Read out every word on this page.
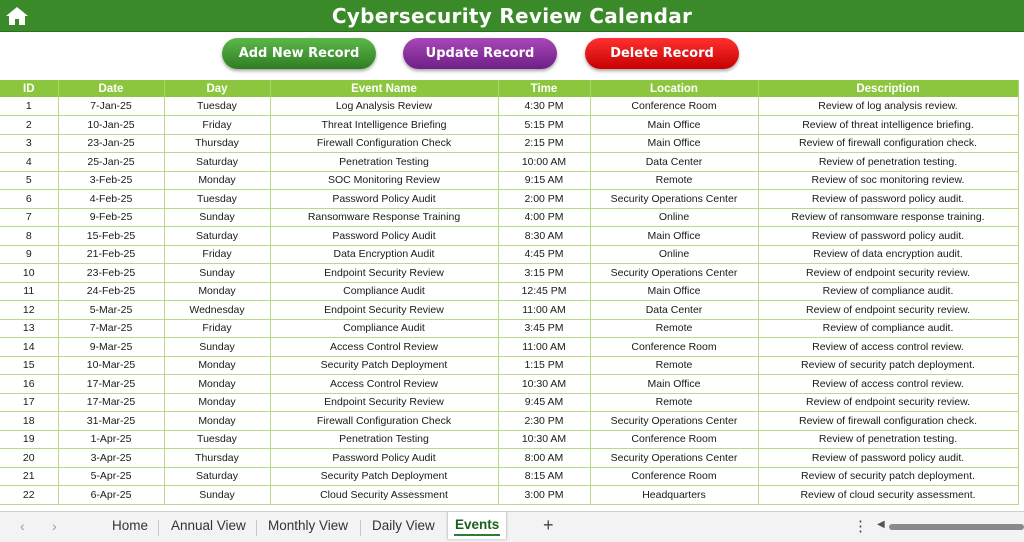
Cybersecurity Review Calendar
Add New Record	Update Record	Delete Record
ID	Date	Day	Event Name	Time	Location	Description
1	7-Jan-25	Tuesday	Log Analysis Review	4:30 PM	Conference Room	Review of log analysis review.
2	10-Jan-25	Friday	Threat Intelligence Briefing	5:15 PM	Main Office	Review of threat intelligence briefing.
3	23-Jan-25	Thursday	Firewall Configuration Check	2:15 PM	Main Office	Review of firewall configuration check.
4	25-Jan-25	Saturday	Penetration Testing	10:00 AM	Data Center	Review of penetration testing.
5	3-Feb-25	Monday	SOC Monitoring Review	9:15 AM	Remote	Review of soc monitoring review.
6	4-Feb-25	Tuesday	Password Policy Audit	2:00 PM	Security Operations Center	Review of password policy audit.
7	9-Feb-25	Sunday	Ransomware Response Training	4:00 PM	Online	Review of ransomware response training.
8	15-Feb-25	Saturday	Password Policy Audit	8:30 AM	Main Office	Review of password policy audit.
9	21-Feb-25	Friday	Data Encryption Audit	4:45 PM	Online	Review of data encryption audit.
10	23-Feb-25	Sunday	Endpoint Security Review	3:15 PM	Security Operations Center	Review of endpoint security review.
11	24-Feb-25	Monday	Compliance Audit	12:45 PM	Main Office	Review of compliance audit.
12	5-Mar-25	Wednesday	Endpoint Security Review	11:00 AM	Data Center	Review of endpoint security review.
13	7-Mar-25	Friday	Compliance Audit	3:45 PM	Remote	Review of compliance audit.
14	9-Mar-25	Sunday	Access Control Review	11:00 AM	Conference Room	Review of access control review.
15	10-Mar-25	Monday	Security Patch Deployment	1:15 PM	Remote	Review of security patch deployment.
16	17-Mar-25	Monday	Access Control Review	10:30 AM	Main Office	Review of access control review.
17	17-Mar-25	Monday	Endpoint Security Review	9:45 AM	Remote	Review of endpoint security review.
18	31-Mar-25	Monday	Firewall Configuration Check	2:30 PM	Security Operations Center	Review of firewall configuration check.
19	1-Apr-25	Tuesday	Penetration Testing	10:30 AM	Conference Room	Review of penetration testing.
20	3-Apr-25	Thursday	Password Policy Audit	8:00 AM	Security Operations Center	Review of password policy audit.
21	5-Apr-25	Saturday	Security Patch Deployment	8:15 AM	Conference Room	Review of security patch deployment.
22	6-Apr-25	Sunday	Cloud Security Assessment	3:00 PM	Headquarters	Review of cloud security assessment.
‹ ›	Home Annual View Monthly View Daily View	Events	+	⋮ ◀
